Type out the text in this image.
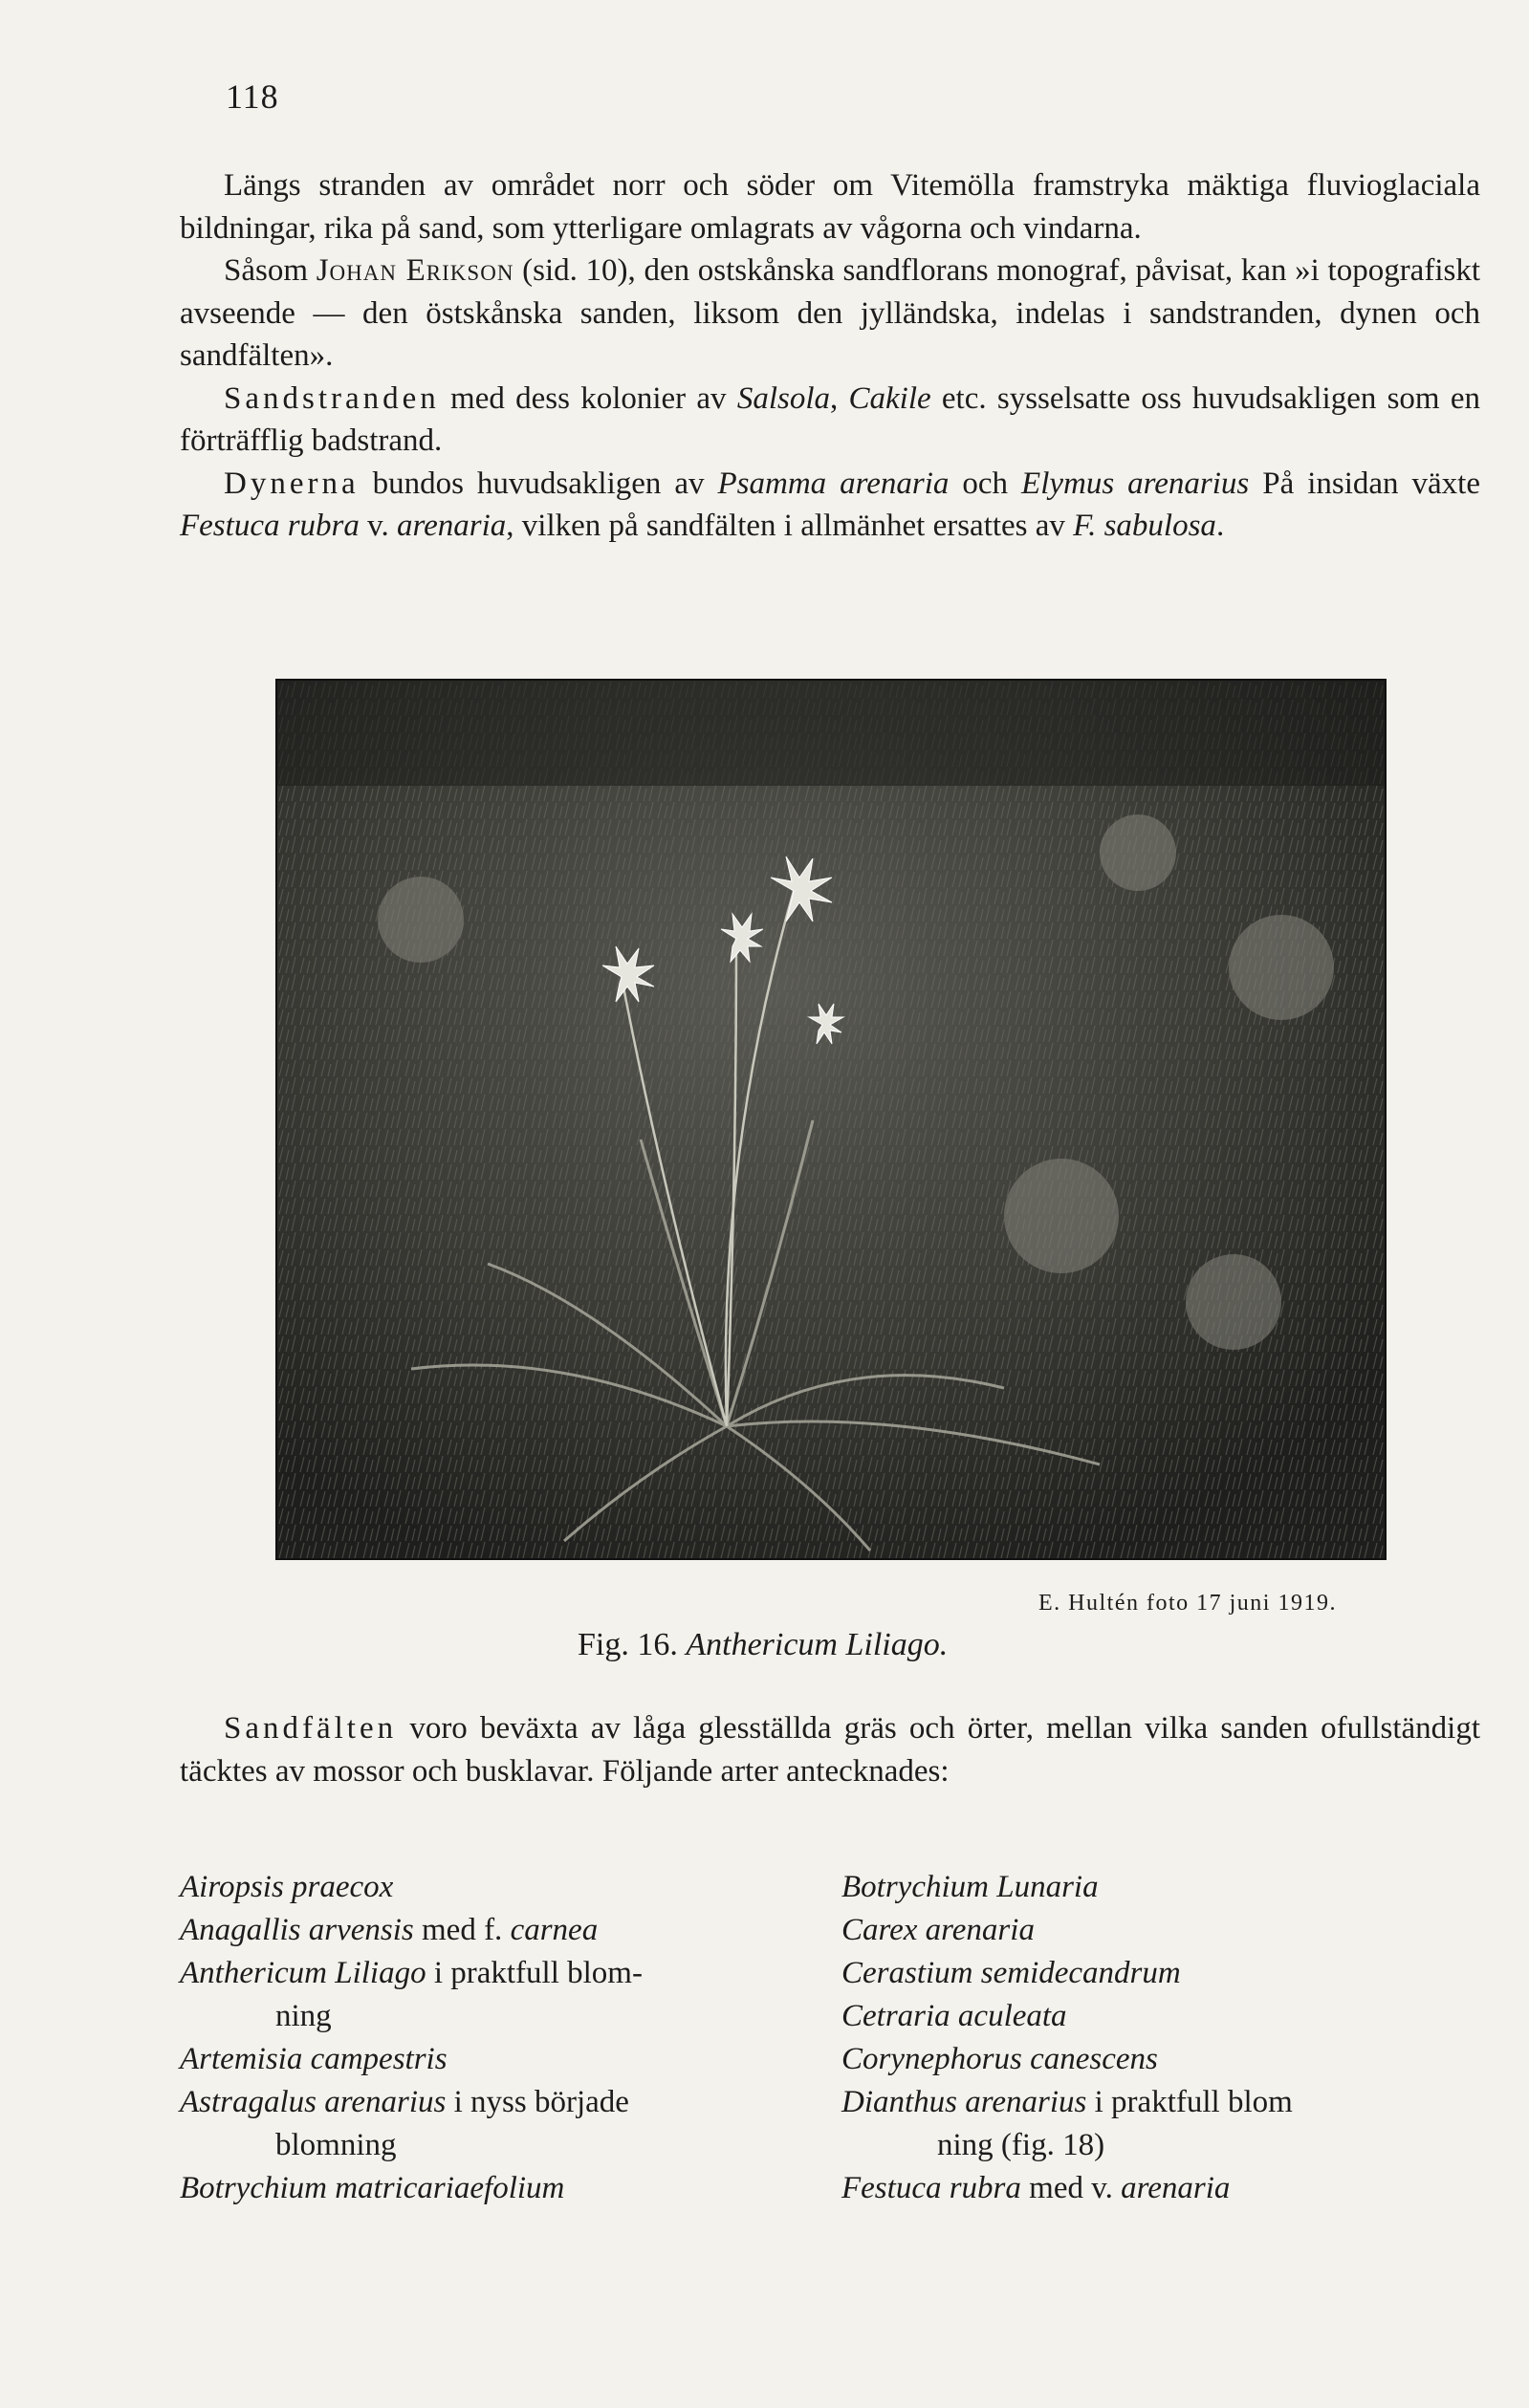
118

Längs stranden av området norr och söder om Vitemölla framstryka mäktiga fluvioglaciala bildningar, rika på sand, som ytterligare omlagrats av vågorna och vindarna.

Såsom Johan Erikson (sid. 10), den ostskånska sandflorans monograf, påvisat, kan »i topografiskt avseende — den östskånska sanden, liksom den jylländska, indelas i sandstranden, dynen och sandfälten».

Sandstranden med dess kolonier av Salsola, Cakile etc. sysselsatte oss huvudsakligen som en förträfflig badstrand.

Dynerna bundos huvudsakligen av Psamma arenaria och Elymus arenarius På insidan växte Festuca rubra v. arenaria, vilken på sandfälten i allmänhet ersattes av F. sabulosa.

E. Hultén foto 17 juni 1919.
Fig. 16. Anthericum Liliago.

Sandfälten voro beväxta av låga glesställda gräs och örter, mellan vilka sanden ofullständigt täcktes av mossor och busklavar. Följande arter antecknades:

Airopsis praecox
Anagallis arvensis med f. carnea
Anthericum Liliago i praktfull blom-
ning
Artemisia campestris
Astragalus arenarius i nyss började
blomning
Botrychium matricariaefolium
Botrychium Lunaria
Carex arenaria
Cerastium semidecandrum
Cetraria aculeata
Corynephorus canescens
Dianthus arenarius i praktfull blom
ning (fig. 18)
Festuca rubra med v. arenaria
